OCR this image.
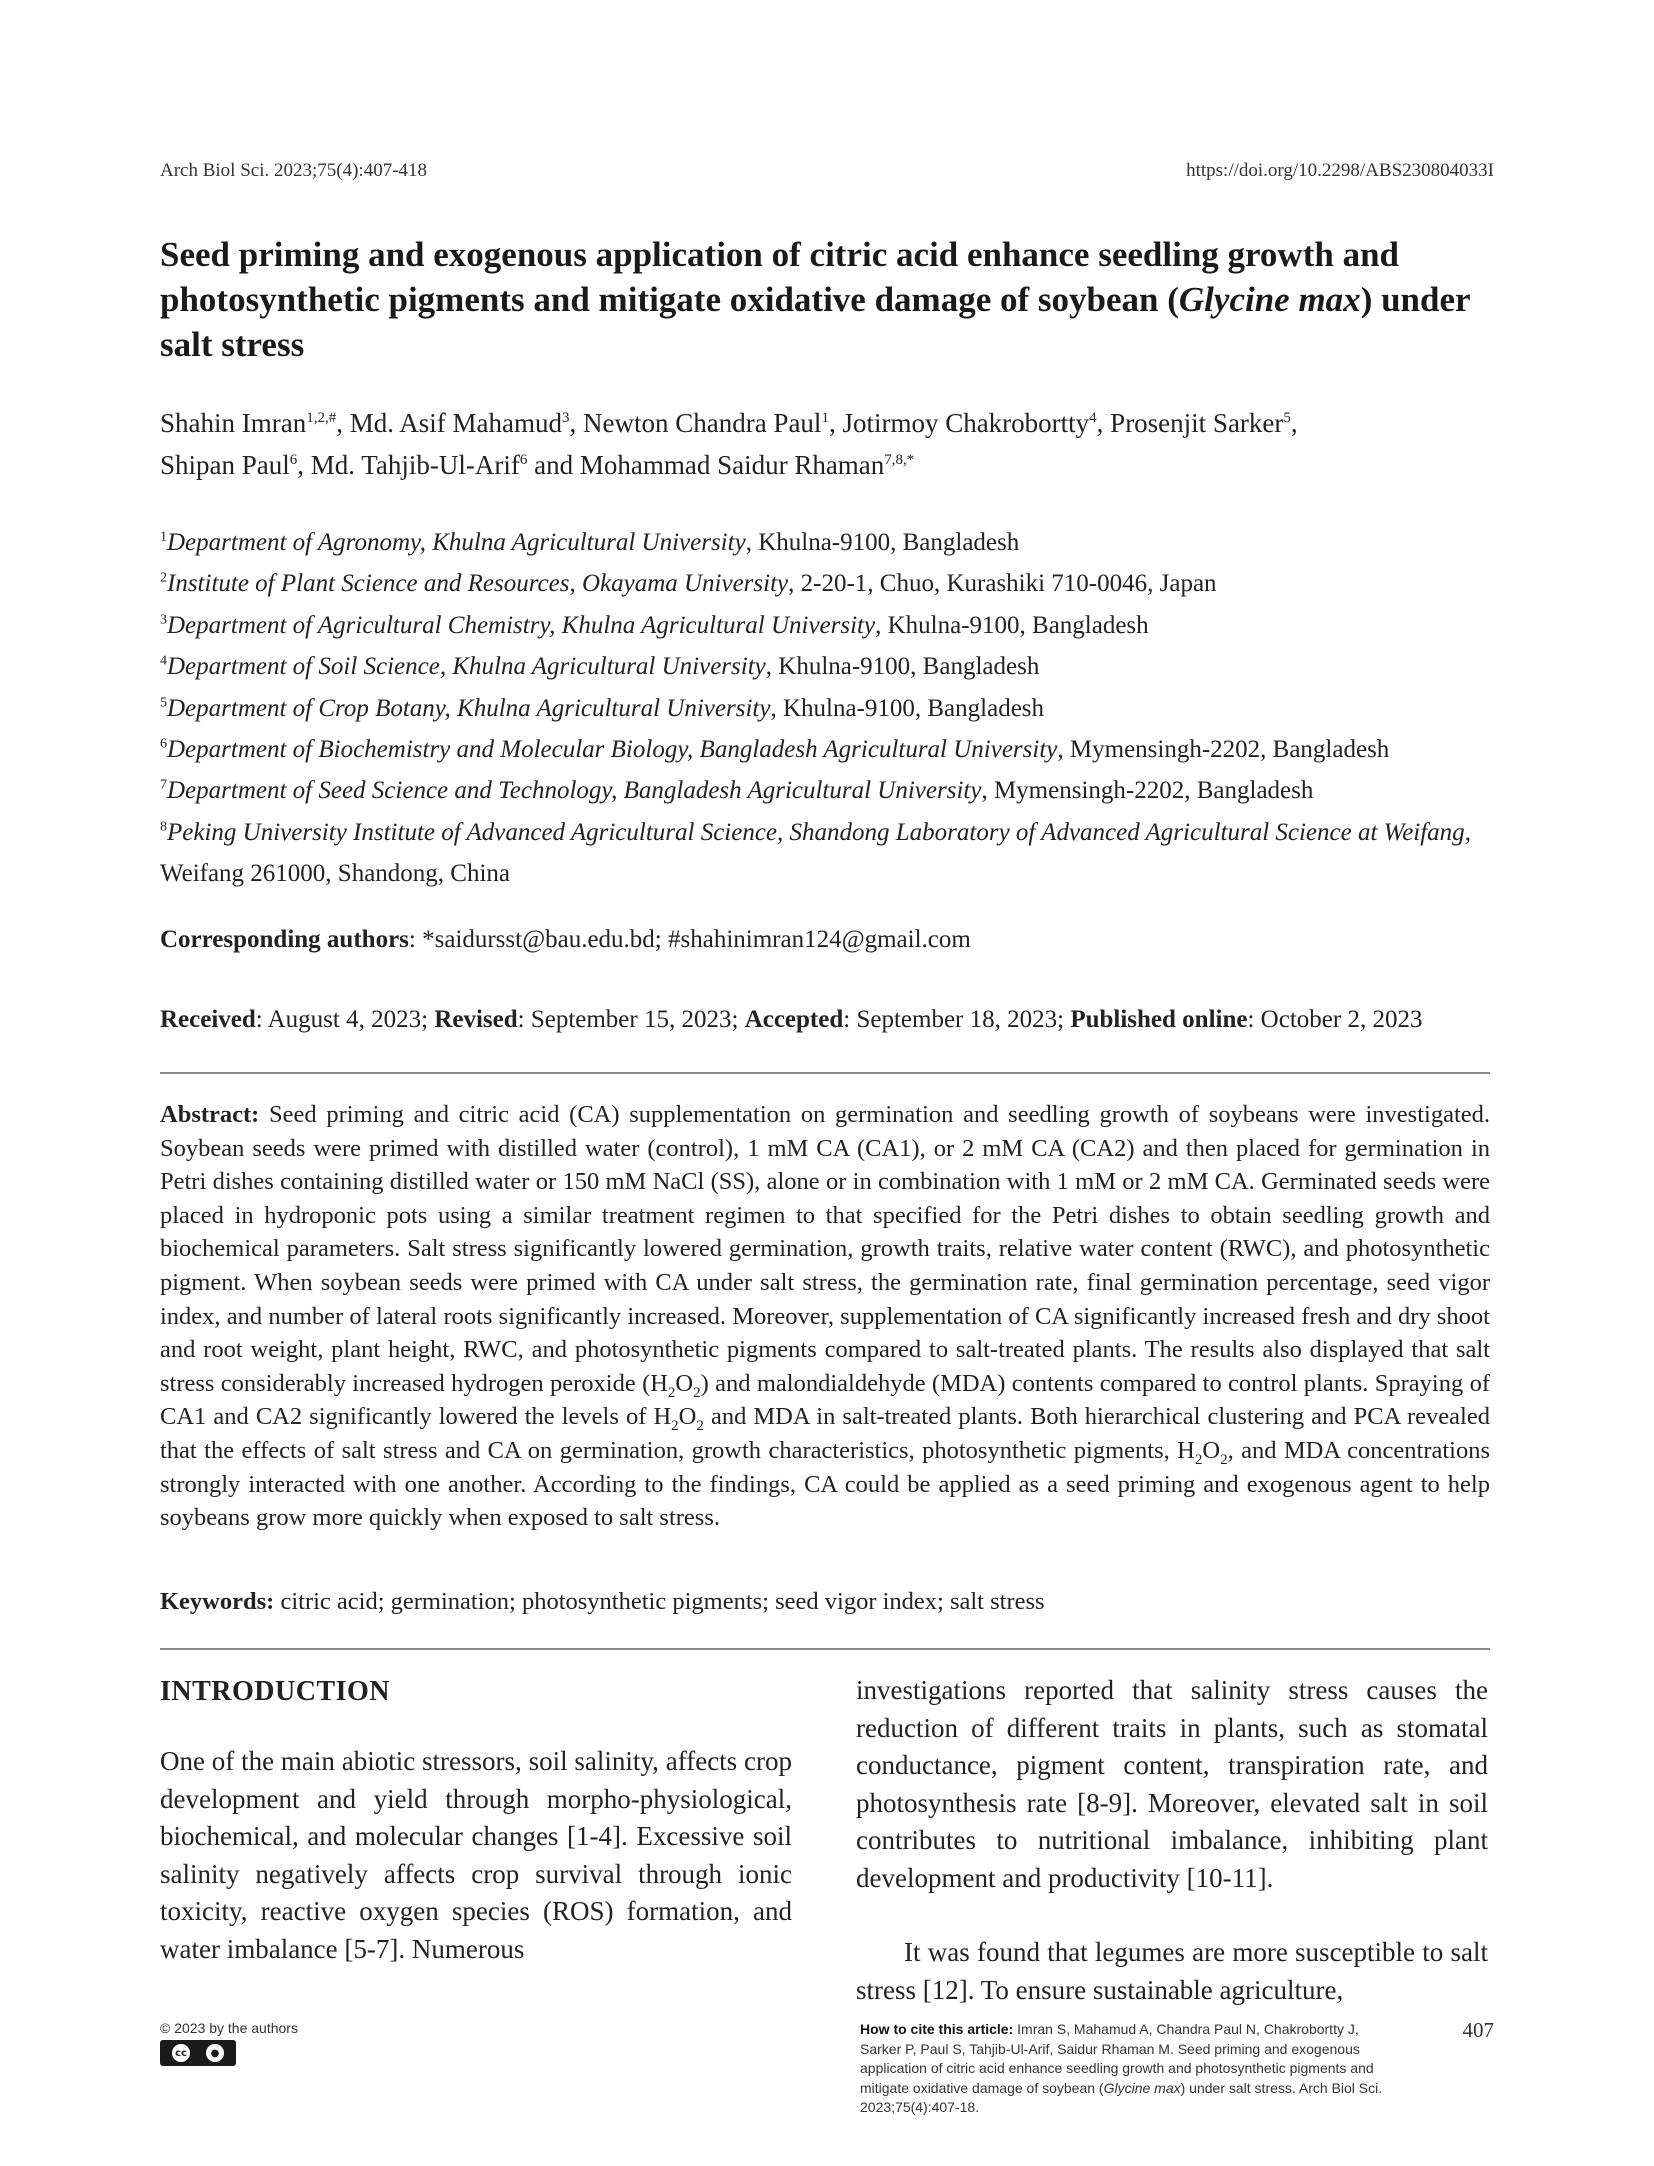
Arch Biol Sci. 2023;75(4):407-418	https://doi.org/10.2298/ABS230804033I
Seed priming and exogenous application of citric acid enhance seedling growth and photosynthetic pigments and mitigate oxidative damage of soybean (Glycine max) under salt stress
Shahin Imran$^{1,2,\#}$, Md. Asif Mahamud$^3$, Newton Chandra Paul$^1$, Jotirmoy Chakrobortty$^4$, Prosenjit Sarker$^5$,
Shipan Paul$^6$, Md. Tahjib-Ul-Arif$^6$ and Mohammad Saidur Rhaman$^{7,8,*}$
$^1$Department of Agronomy, Khulna Agricultural University, Khulna-9100, Bangladesh
$^2$Institute of Plant Science and Resources, Okayama University, 2-20-1, Chuo, Kurashiki 710-0046, Japan
$^3$Department of Agricultural Chemistry, Khulna Agricultural University, Khulna-9100, Bangladesh
$^4$Department of Soil Science, Khulna Agricultural University, Khulna-9100, Bangladesh
$^5$Department of Crop Botany, Khulna Agricultural University, Khulna-9100, Bangladesh
$^6$Department of Biochemistry and Molecular Biology, Bangladesh Agricultural University, Mymensingh-2202, Bangladesh
$^7$Department of Seed Science and Technology, Bangladesh Agricultural University, Mymensingh-2202, Bangladesh
$^8$Peking University Institute of Advanced Agricultural Science, Shandong Laboratory of Advanced Agricultural Science at Weifang, Weifang 261000, Shandong, China
Corresponding authors: *saidursst@bau.edu.bd; #shahinimran124@gmail.com
Received: August 4, 2023; Revised: September 15, 2023; Accepted: September 18, 2023; Published online: October 2, 2023
Abstract: Seed priming and citric acid (CA) supplementation on germination and seedling growth of soybeans were investigated. Soybean seeds were primed with distilled water (control), 1 mM CA (CA1), or 2 mM CA (CA2) and then placed for germination in Petri dishes containing distilled water or 150 mM NaCl (SS), alone or in combination with 1 mM or 2 mM CA. Germinated seeds were placed in hydroponic pots using a similar treatment regimen to that specified for the Petri dishes to obtain seedling growth and biochemical parameters. Salt stress significantly lowered germination, growth traits, relative water content (RWC), and photosynthetic pigment. When soybean seeds were primed with CA under salt stress, the germination rate, final germination percentage, seed vigor index, and number of lateral roots significantly increased. Moreover, supplementation of CA significantly increased fresh and dry shoot and root weight, plant height, RWC, and photosynthetic pigments compared to salt-treated plants. The results also displayed that salt stress considerably increased hydrogen peroxide $(H_2O_2)$ and malondialdehyde (MDA) contents compared to control plants. Spraying of CA1 and CA2 significantly lowered the levels of $H_2O_2$ and MDA in salt-treated plants. Both hierarchical clustering and PCA revealed that the effects of salt stress and CA on germination, growth characteristics, photosynthetic pigments, $H_2O_2$, and MDA concentrations strongly interacted with one another. According to the findings, CA could be applied as a seed priming and exogenous agent to help soybeans grow more quickly when exposed to salt stress.
Keywords: citric acid; germination; photosynthetic pigments; seed vigor index; salt stress
INTRODUCTION
One of the main abiotic stressors, soil salinity, affects crop development and yield through morpho-physiological, biochemical, and molecular changes [1-4]. Excessive soil salinity negatively affects crop survival through ionic toxicity, reactive oxygen species (ROS) formation, and water imbalance [5-7]. Numerous
investigations reported that salinity stress causes the reduction of different traits in plants, such as stomatal conductance, pigment content, transpiration rate, and photosynthesis rate [8-9]. Moreover, elevated salt in soil contributes to nutritional imbalance, inhibiting plant development and productivity [10-11].
It was found that legumes are more susceptible to salt stress [12]. To ensure sustainable agriculture,
© 2023 by the authors
cc	●
How to cite this article: Imran S, Mahamud A, Chandra Paul N, Chakrobortty J, Sarker P, Paul S, Tahjib-Ul-Arif, Saidur Rhaman M. Seed priming and exogenous application of citric acid enhance seedling growth and photosynthetic pigments and mitigate oxidative damage of soybean (Glycine max) under salt stress. Arch Biol Sci. 2023;75(4):407-18.
407
